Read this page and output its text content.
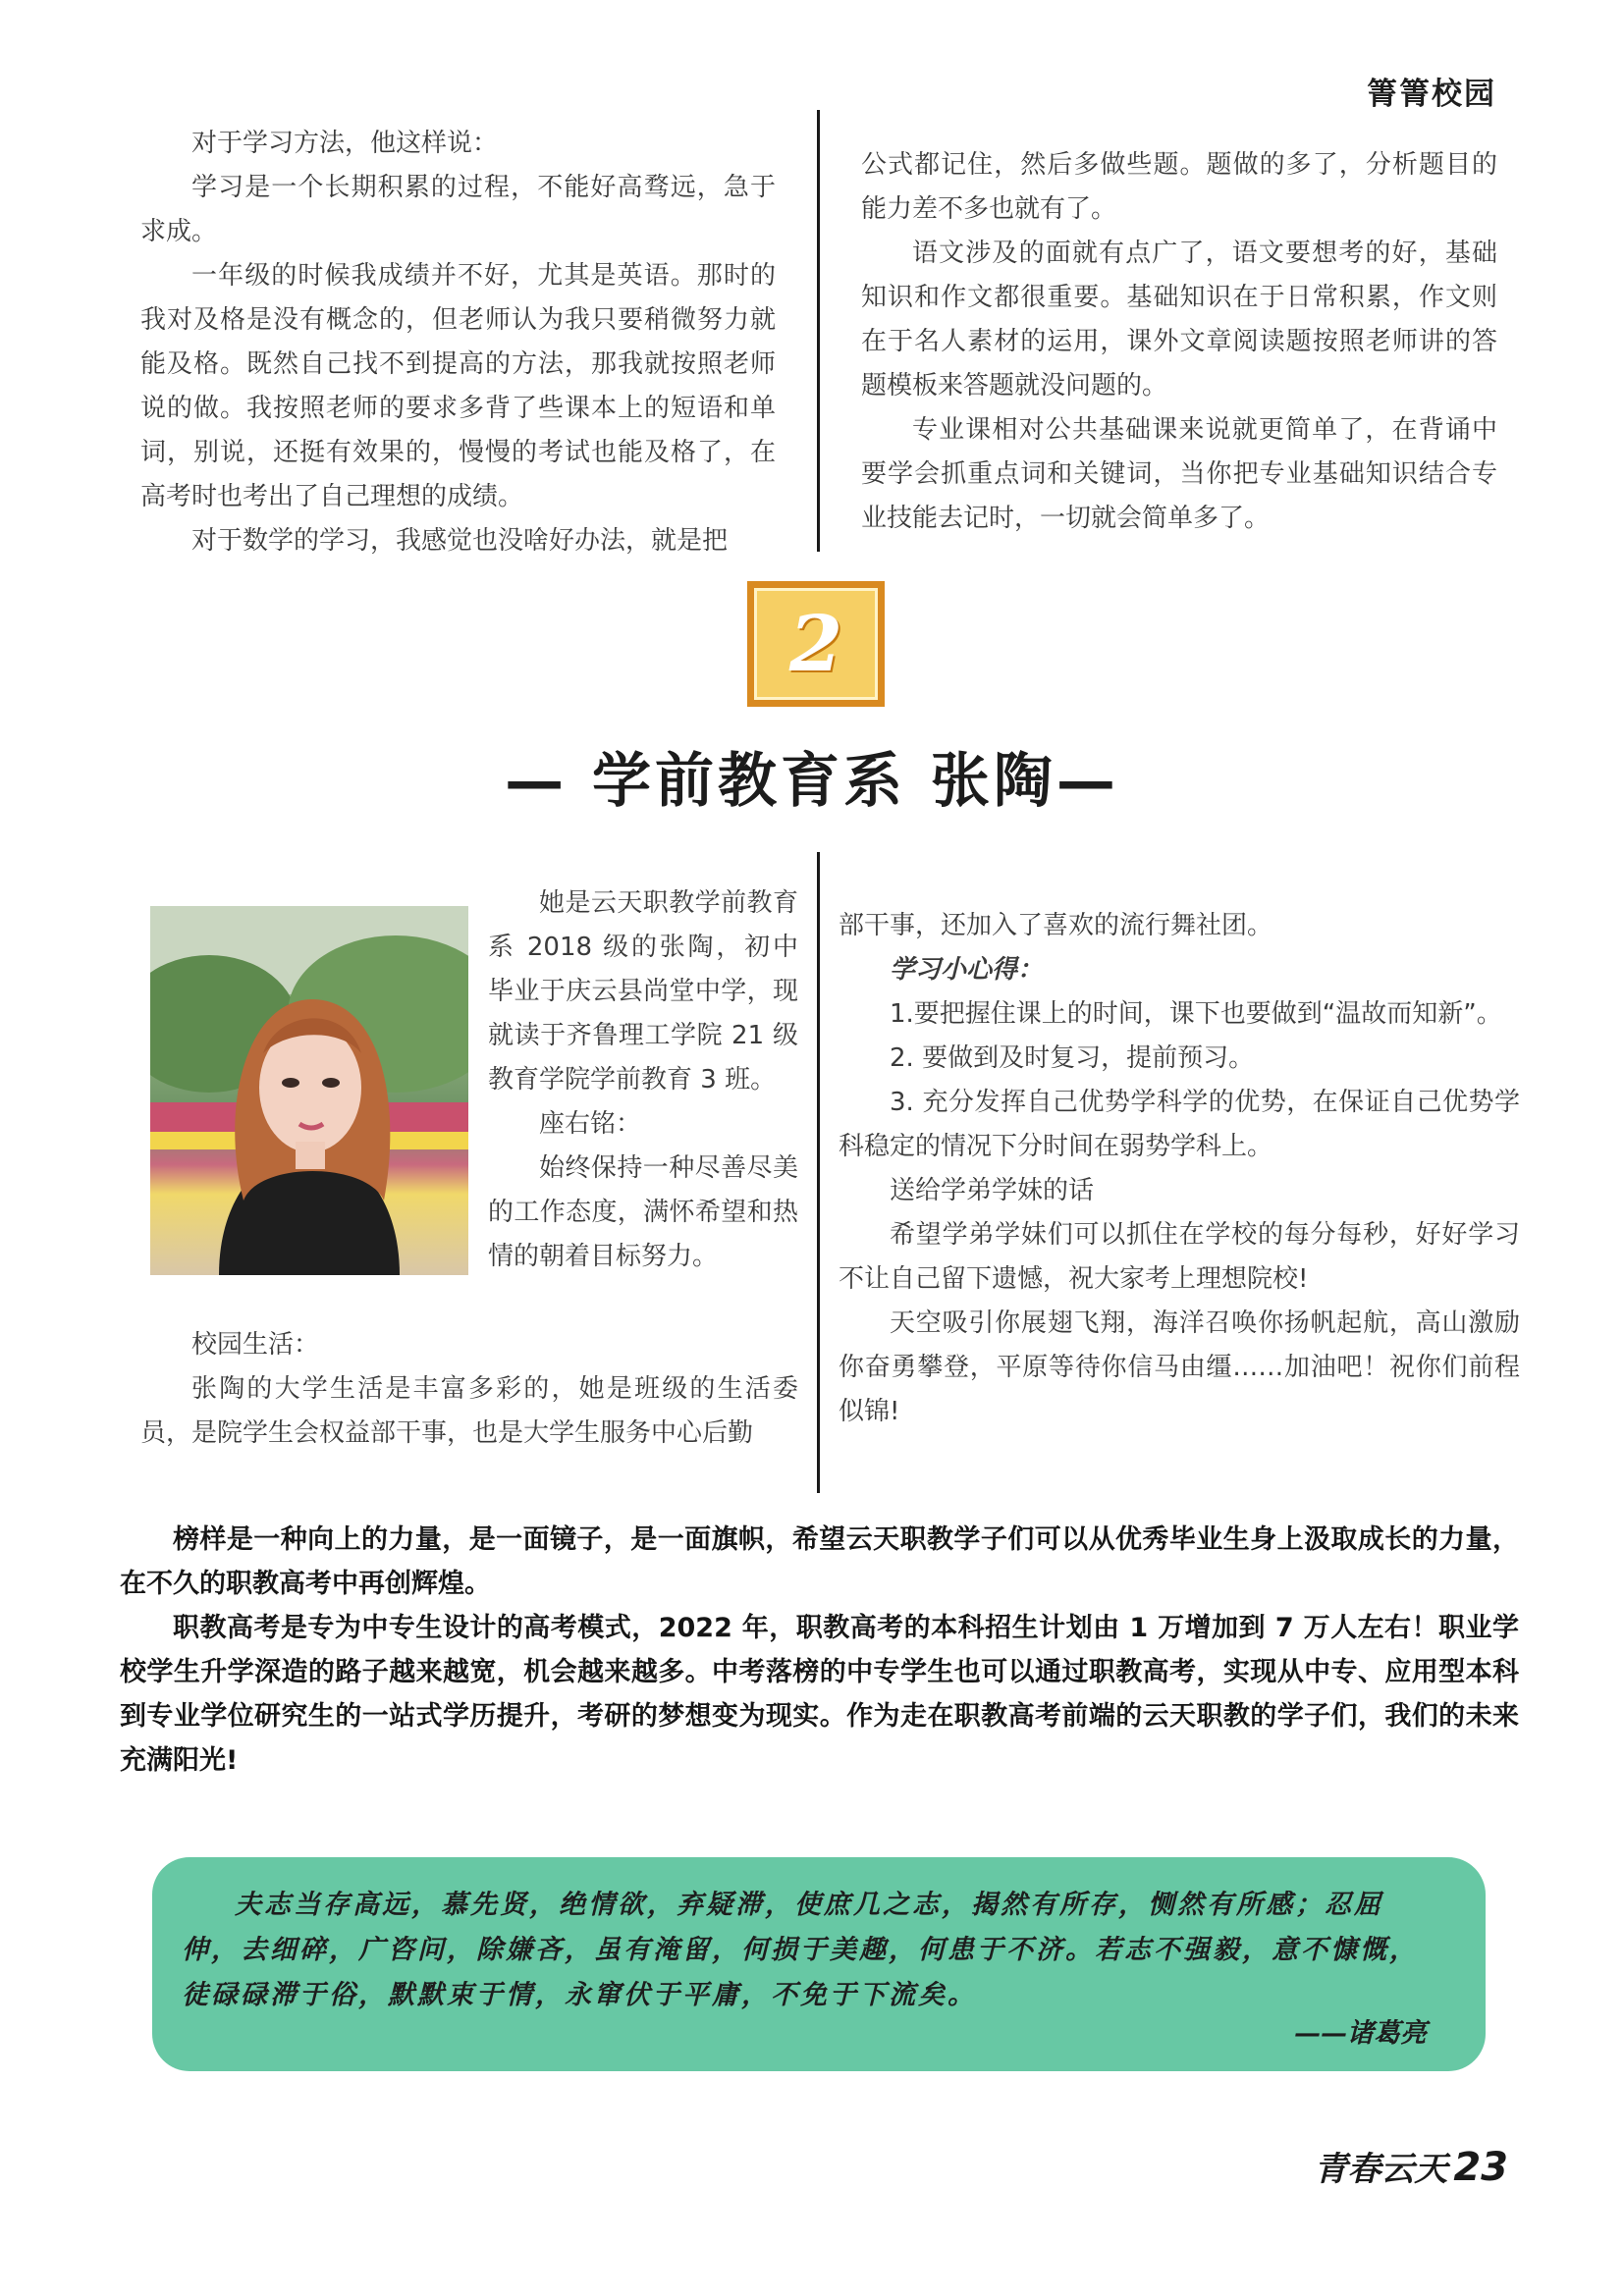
箐箐校园

对于学习方法，他这样说：

学习是一个长期积累的过程，不能好高骛远，急于求成。

一年级的时候我成绩并不好，尤其是英语。那时的我对及格是没有概念的，但老师认为我只要稍微努力就能及格。既然自己找不到提高的方法，那我就按照老师说的做。我按照老师的要求多背了些课本上的短语和单词，别说，还挺有效果的，慢慢的考试也能及格了，在高考时也考出了自己理想的成绩。

对于数学的学习，我感觉也没啥好办法，就是把

公式都记住，然后多做些题。题做的多了，分析题目的能力差不多也就有了。

语文涉及的面就有点广了，语文要想考的好，基础知识和作文都很重要。基础知识在于日常积累，作文则在于名人素材的运用，课外文章阅读题按照老师讲的答题模板来答题就没问题的。

专业课相对公共基础课来说就更简单了，在背诵中要学会抓重点词和关键词，当你把专业基础知识结合专业技能去记时，一切就会简单多了。

2
— 学前教育系 张陶—

她是云天职教学前教育系 2018 级的张陶，初中毕业于庆云县尚堂中学，现就读于齐鲁理工学院 21 级教育学院学前教育 3 班。

座右铭：

始终保持一种尽善尽美的工作态度，满怀希望和热情的朝着目标努力。

校园生活：

张陶的大学生活是丰富多彩的，她是班级的生活委员，是院学生会权益部干事，也是大学生服务中心后勤

部干事，还加入了喜欢的流行舞社团。

学习小心得：

1.要把握住课上的时间，课下也要做到“温故而知新”。

2. 要做到及时复习，提前预习。

3. 充分发挥自己优势学科学的优势，在保证自己优势学科稳定的情况下分时间在弱势学科上。

送给学弟学妹的话

希望学弟学妹们可以抓住在学校的每分每秒，好好学习不让自己留下遗憾，祝大家考上理想院校!

天空吸引你展翅飞翔，海洋召唤你扬帆起航，高山激励你奋勇攀登，平原等待你信马由缰……加油吧！祝你们前程似锦!

榜样是一种向上的力量，是一面镜子，是一面旗帜，希望云天职教学子们可以从优秀毕业生身上汲取成长的力量，在不久的职教高考中再创辉煌。

职教高考是专为中专生设计的高考模式，2022 年，职教高考的本科招生计划由 1 万增加到 7 万人左右！职业学校学生升学深造的路子越来越宽，机会越来越多。中考落榜的中专学生也可以通过职教高考，实现从中专、应用型本科到专业学位研究生的一站式学历提升，考研的梦想变为现实。作为走在职教高考前端的云天职教的学子们，我们的未来充满阳光!

夫志当存高远，慕先贤，绝情欲，弃疑滞，使庶几之志，揭然有所存，恻然有所感；忍屈伸，去细碎，广咨问，除嫌吝，虽有淹留，何损于美趣，何患于不济。若志不强毅，意不慷慨，徒碌碌滞于俗，默默束于情，永窜伏于平庸，不免于下流矣。

——诸葛亮
青春云天 23
